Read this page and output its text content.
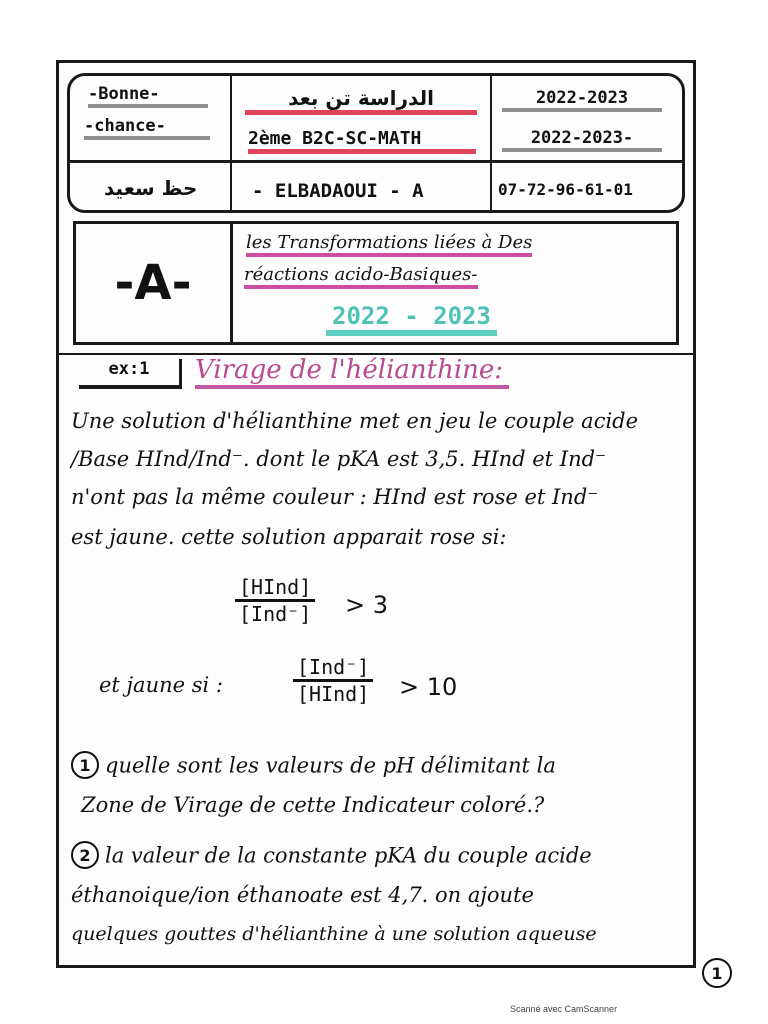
-Bonne-
-chance-
حظ سعيد
الدراسة تن بعد
2ème B2C-SC-MATH
- ELBADAOUI - A
2022-2023
2022-2023-
07-72-96-61-01
-A-
les Transformations liées à Des
réactions acido-Basiques-
2022 - 2023
ex:1	Virage de l'hélianthine:
Une solution d'hélianthine met en jeu le couple acide
/Base HInd/Ind⁻. dont le pKA est 3,5. HInd et Ind⁻
n'ont pas la même couleur : HInd est rose et Ind⁻
est jaune. cette solution apparait rose si:
[HInd]
[Ind⁻] > 3
et jaune si :
[Ind⁻]
[HInd] > 10
1 quelle sont les valeurs de pH délimitant la
Zone de Virage de cette Indicateur coloré.?
2 la valeur de la constante pKA du couple acide
éthanoique/ion éthanoate est 4,7. on ajoute
quelques gouttes d'hélianthine à une solution aqueuse
1
Scanné avec CamScanner
